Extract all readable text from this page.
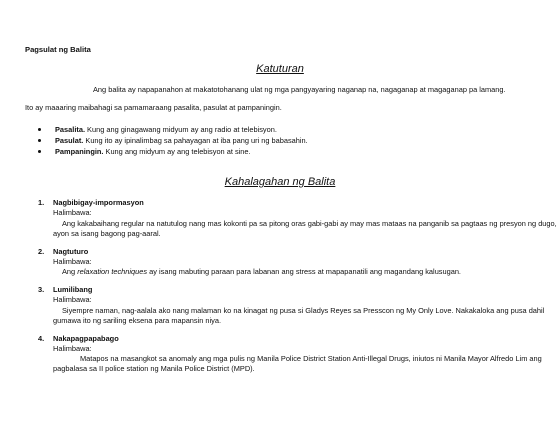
Pagsulat ng Balita
Katuturan
Ang balita ay napapanahon at makatotohanang ulat ng mga pangyayaring naganap na, nagaganap at magaganap pa lamang.
Ito ay maaaring maibahagi sa pamamaraang pasalita, pasulat at pampaningin.
Pasalita. Kung ang ginagawang midyum ay ang radio at telebisyon.
Pasulat. Kung ito ay ipinalimbag sa pahayagan at iba pang uri ng babasahin.
Pampaningin. Kung ang midyum ay ang telebisyon at sine.
Kahalagahan ng Balita
1. Nagbibigay-impormasyon
Halimbawa:
Ang kakabaihang regular na natutulog nang mas kokonti pa sa pitong oras gabi-gabi ay may mas mataas na panganib sa pagtaas ng presyon ng dugo,
ayon sa isang bagong pag-aaral.
2. Nagtuturo
Halimbawa:
Ang relaxation techniques ay isang mabuting paraan para labanan ang stress at mapapanatili ang magandang kalusugan.
3. Lumilibang
Halimbawa:
Siyempre naman, nag-aalala ako nang malaman ko na kinagat ng pusa si Gladys Reyes sa Presscon ng My Only Love. Nakakaloka ang pusa dahil
gumawa ito ng sariling eksena para mapansin niya.
4. Nakapagpapabago
Halimbawa:
Matapos na masangkot sa anomaly ang mga pulis ng Manila Police District Station Anti-Illegal Drugs, iniutos ni Manila Mayor Alfredo Lim ang
pagbalasa sa II police station ng Manila Police District (MPD).
